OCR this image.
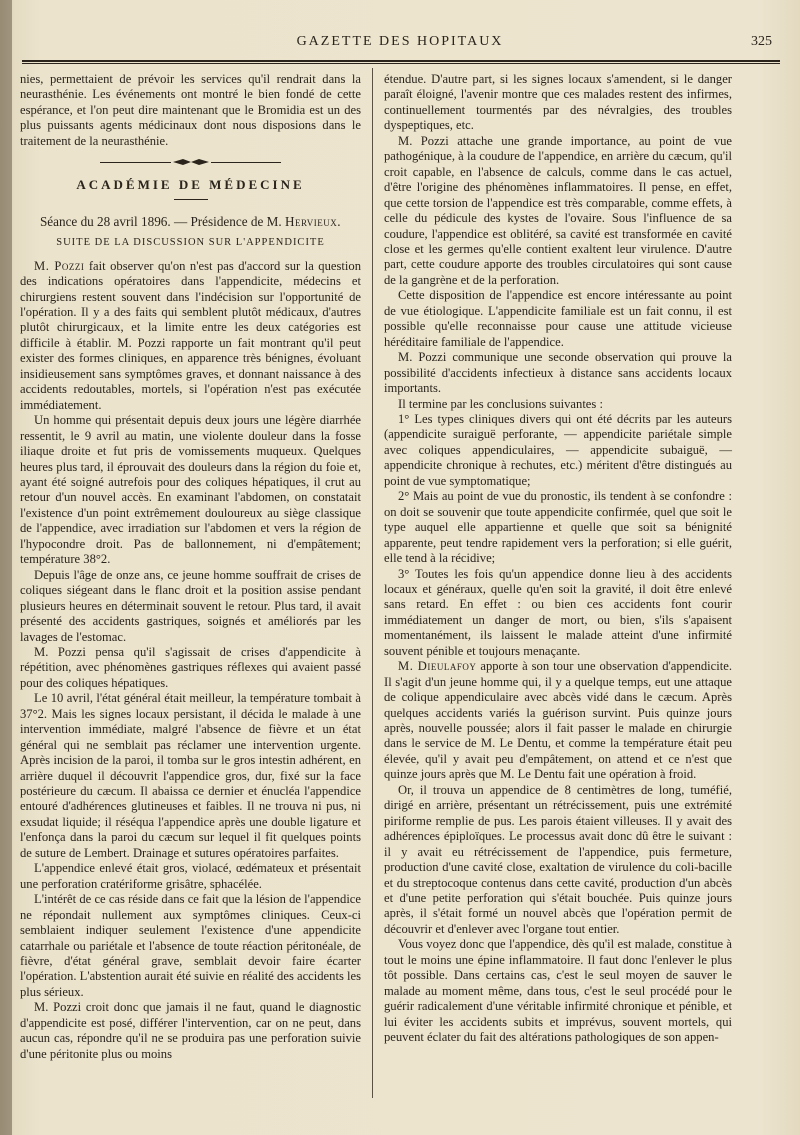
GAZETTE DES HOPITAUX	325

nies, permettaient de prévoir les services qu'il rendrait dans la neurasthénie. Les événements ont montré le bien fondé de cette espérance, et l'on peut dire maintenant que le Bromidia est un des plus puissants agents médicinaux dont nous disposions dans le traitement de la neurasthénie.

ACADÉMIE DE MÉDECINE
Séance du 28 avril 1896. — Présidence de M. Hervieux.
SUITE DE LA DISCUSSION SUR L'APPENDICITE

M. Pozzi fait observer qu'on n'est pas d'accord sur la question des indications opératoires dans l'appendicite, médecins et chirurgiens restent souvent dans l'indécision sur l'opportunité de l'opération. Il y a des faits qui semblent plutôt médicaux, d'autres plutôt chirurgicaux, et la limite entre les deux catégories est difficile à établir. M. Pozzi rapporte un fait montrant qu'il peut exister des formes cliniques, en apparence très bénignes, évoluant insidieusement sans symptômes graves, et donnant naissance à des accidents redoutables, mortels, si l'opération n'est pas exécutée immédiatement.

Un homme qui présentait depuis deux jours une légère diarrhée ressentit, le 9 avril au matin, une violente douleur dans la fosse iliaque droite et fut pris de vomissements muqueux. Quelques heures plus tard, il éprouvait des douleurs dans la région du foie et, ayant été soigné autrefois pour des coliques hépatiques, il crut au retour d'un nouvel accès. En examinant l'abdomen, on constatait l'existence d'un point extrêmement douloureux au siège classique de l'appendice, avec irradiation sur l'abdomen et vers la région de l'hypocondre droit. Pas de ballonnement, ni d'empâtement; température 38°2.

Depuis l'âge de onze ans, ce jeune homme souffrait de crises de coliques siégeant dans le flanc droit et la position assise pendant plusieurs heures en déterminait souvent le retour. Plus tard, il avait présenté des accidents gastriques, soignés et améliorés par les lavages de l'estomac.

M. Pozzi pensa qu'il s'agissait de crises d'appendicite à répétition, avec phénomènes gastriques réflexes qui avaient passé pour des coliques hépatiques.

Le 10 avril, l'état général était meilleur, la température tombait à 37°2. Mais les signes locaux persistant, il décida le malade à une intervention immédiate, malgré l'absence de fièvre et un état général qui ne semblait pas réclamer une intervention urgente. Après incision de la paroi, il tomba sur le gros intestin adhérent, en arrière duquel il découvrit l'appendice gros, dur, fixé sur la face postérieure du cæcum. Il abaissa ce dernier et énucléa l'appendice entouré d'adhérences glutineuses et faibles. Il ne trouva ni pus, ni exsudat liquide; il réséqua l'appendice après une double ligature et l'enfonça dans la paroi du cæcum sur lequel il fit quelques points de suture de Lembert. Drainage et sutures opératoires parfaites.

L'appendice enlevé était gros, violacé, œdémateux et présentait une perforation cratériforme grisâtre, sphacélée.

L'intérêt de ce cas réside dans ce fait que la lésion de l'appendice ne répondait nullement aux symptômes cliniques. Ceux-ci semblaient indiquer seulement l'existence d'une appendicite catarrhale ou pariétale et l'absence de toute réaction péritonéale, de fièvre, d'état général grave, semblait devoir faire écarter l'opération. L'abstention aurait été suivie en réalité des accidents les plus sérieux.

M. Pozzi croit donc que jamais il ne faut, quand le diagnostic d'appendicite est posé, différer l'intervention, car on ne peut, dans aucun cas, répondre qu'il ne se produira pas une perforation suivie d'une péritonite plus ou moins

étendue. D'autre part, si les signes locaux s'amendent, si le danger paraît éloigné, l'avenir montre que ces malades restent des infirmes, continuellement tourmentés par des névralgies, des troubles dyspeptiques, etc.

M. Pozzi attache une grande importance, au point de vue pathogénique, à la coudure de l'appendice, en arrière du cæcum, qu'il croit capable, en l'absence de calculs, comme dans le cas actuel, d'être l'origine des phénomènes inflammatoires. Il pense, en effet, que cette torsion de l'appendice est très comparable, comme effets, à celle du pédicule des kystes de l'ovaire. Sous l'influence de sa coudure, l'appendice est oblitéré, sa cavité est transformée en cavité close et les germes qu'elle contient exaltent leur virulence. D'autre part, cette coudure apporte des troubles circulatoires qui sont cause de la gangrène et de la perforation.

Cette disposition de l'appendice est encore intéressante au point de vue étiologique. L'appendicite familiale est un fait connu, il est possible qu'elle reconnaisse pour cause une attitude vicieuse héréditaire familiale de l'appendice.

M. Pozzi communique une seconde observation qui prouve la possibilité d'accidents infectieux à distance sans accidents locaux importants.

Il termine par les conclusions suivantes :

1° Les types cliniques divers qui ont été décrits par les auteurs (appendicite suraiguë perforante, — appendicite pariétale simple avec coliques appendiculaires, — appendicite subaiguë, — appendicite chronique à rechutes, etc.) méritent d'être distingués au point de vue symptomatique;

2° Mais au point de vue du pronostic, ils tendent à se confondre : on doit se souvenir que toute appendicite confirmée, quel que soit le type auquel elle appartienne et quelle que soit sa bénignité apparente, peut tendre rapidement vers la perforation; si elle guérit, elle tend à la récidive;

3° Toutes les fois qu'un appendice donne lieu à des accidents locaux et généraux, quelle qu'en soit la gravité, il doit être enlevé sans retard. En effet : ou bien ces accidents font courir immédiatement un danger de mort, ou bien, s'ils s'apaisent momentanément, ils laissent le malade atteint d'une infirmité souvent pénible et toujours menaçante.

M. Dieulafoy apporte à son tour une observation d'appendicite. Il s'agit d'un jeune homme qui, il y a quelque temps, eut une attaque de colique appendiculaire avec abcès vidé dans le cæcum. Après quelques accidents variés la guérison survint. Puis quinze jours après, nouvelle poussée; alors il fait passer le malade en chirurgie dans le service de M. Le Dentu, et comme la température était peu élevée, qu'il y avait peu d'empâtement, on attend et ce n'est que quinze jours après que M. Le Dentu fait une opération à froid.

Or, il trouva un appendice de 8 centimètres de long, tuméfié, dirigé en arrière, présentant un rétrécissement, puis une extrémité piriforme remplie de pus. Les parois étaient villeuses. Il y avait des adhérences épiploïques. Le processus avait donc dû être le suivant : il y avait eu rétrécissement de l'appendice, puis fermeture, production d'une cavité close, exaltation de virulence du coli-bacille et du streptocoque contenus dans cette cavité, production d'un abcès et d'une petite perforation qui s'était bouchée. Puis quinze jours après, il s'était formé un nouvel abcès que l'opération permit de découvrir et d'enlever avec l'organe tout entier.

Vous voyez donc que l'appendice, dès qu'il est malade, constitue à tout le moins une épine inflammatoire. Il faut donc l'enlever le plus tôt possible. Dans certains cas, c'est le seul moyen de sauver le malade au moment même, dans tous, c'est le seul procédé pour le guérir radicalement d'une véritable infirmité chronique et pénible, et lui éviter les accidents subits et imprévus, souvent mortels, qui peuvent éclater du fait des altérations pathologiques de son appen-
